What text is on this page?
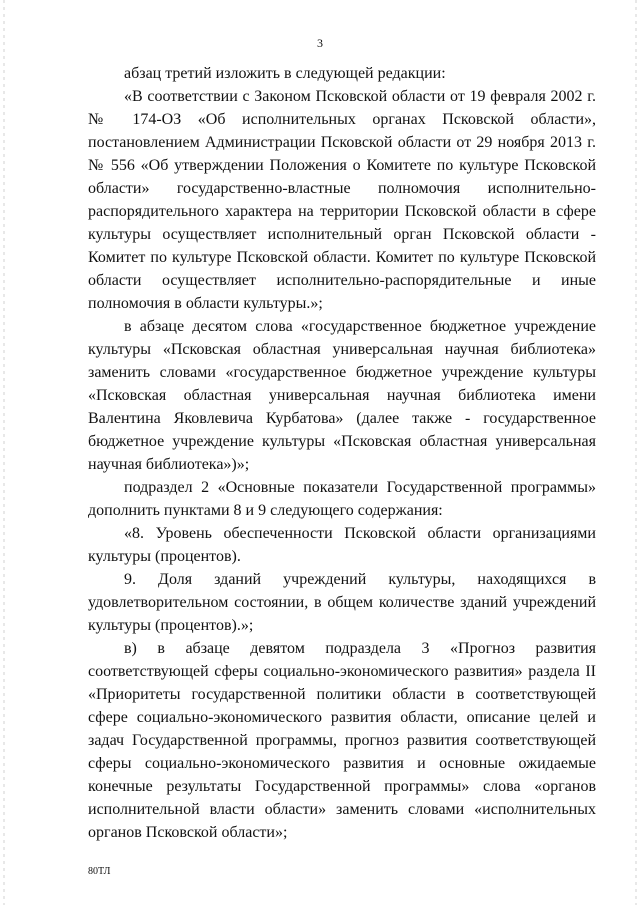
3

абзац третий изложить в следующей редакции:

«В соответствии с Законом Псковской области от 19 февраля 2002 г. № 174-ОЗ «Об исполнительных органах Псковской области», постановлением Администрации Псковской области от 29 ноября 2013 г. № 556 «Об утверждении Положения о Комитете по культуре Псковской области» государственно-властные полномочия исполнительно-распорядительного характера на территории Псковской области в сфере культуры осуществляет исполнительный орган Псковской области - Комитет по культуре Псковской области. Комитет по культуре Псковской области осуществляет исполнительно-распорядительные и иные полномочия в области культуры.»;

в абзаце десятом слова «государственное бюджетное учреждение культуры «Псковская областная универсальная научная библиотека» заменить словами «государственное бюджетное учреждение культуры «Псковская областная универсальная научная библиотека имени Валентина Яковлевича Курбатова» (далее также - государственное бюджетное учреждение культуры «Псковская областная универсальная научная библиотека»)»;

подраздел 2 «Основные показатели Государственной программы» дополнить пунктами 8 и 9 следующего содержания:

«8. Уровень обеспеченности Псковской области организациями культуры (процентов).

9. Доля зданий учреждений культуры, находящихся в удовлетворительном состоянии, в общем количестве зданий учреждений культуры (процентов).»;

в) в абзаце девятом подраздела 3 «Прогноз развития соответствующей сферы социально-экономического развития» раздела II «Приоритеты государственной политики области в соответствующей сфере социально-экономического развития области, описание целей и задач Государственной программы, прогноз развития соответствующей сферы социально-экономического развития и основные ожидаемые конечные результаты Государственной программы» слова «органов исполнительной власти области» заменить словами «исполнительных органов Псковской области»;

80ТЛ
